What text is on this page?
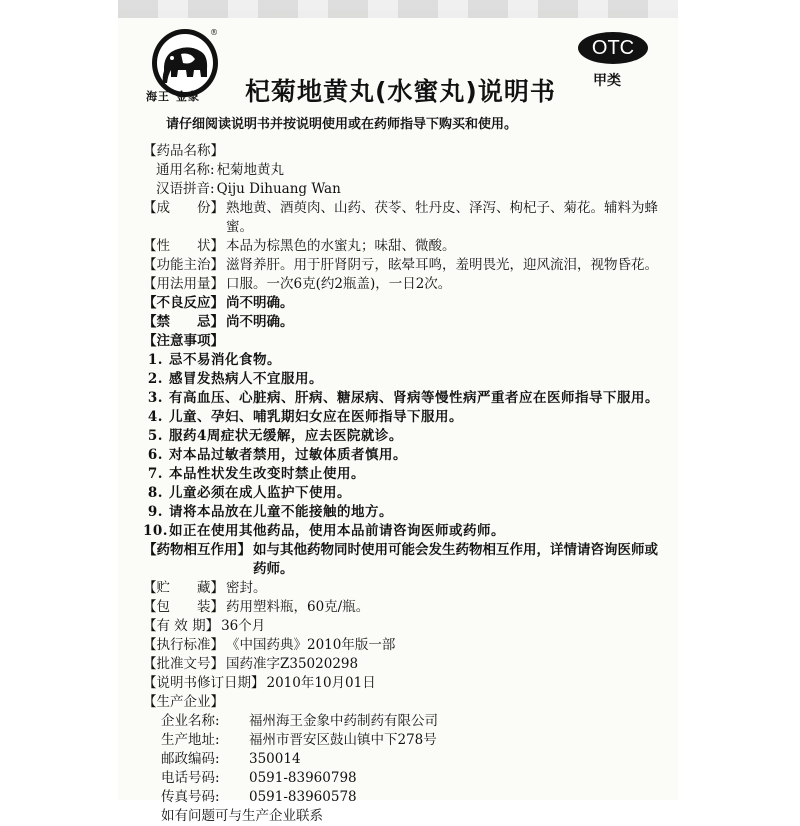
®
海王 金象	杞菊地黄丸(水蜜丸)说明书
OTC
甲类
请仔细阅读说明书并按说明使用或在药师指导下购买和使用。
【药品名称】
通用名称: 杞菊地黄丸
汉语拼音: Qiju Dihuang Wan
【成　　份】 熟地黄、酒萸肉、山药、茯苓、牡丹皮、泽泻、枸杞子、菊花。辅料为蜂蜜。
【性　　状】 本品为棕黑色的水蜜丸；味甜、微酸。
【功能主治】 滋肾养肝。用于肝肾阴亏，眩晕耳鸣，羞明畏光，迎风流泪，视物昏花。
【用法用量】 口服。一次6克(约2瓶盖)，一日2次。
【不良反应】 尚不明确。
【禁　　忌】 尚不明确。
【注意事项】
1. 忌不易消化食物。
2. 感冒发热病人不宜服用。
3. 有高血压、心脏病、肝病、糖尿病、肾病等慢性病严重者应在医师指导下服用。
4. 儿童、孕妇、哺乳期妇女应在医师指导下服用。
5. 服药4周症状无缓解，应去医院就诊。
6. 对本品过敏者禁用，过敏体质者慎用。
7. 本品性状发生改变时禁止使用。
8. 儿童必须在成人监护下使用。
9. 请将本品放在儿童不能接触的地方。
10. 如正在使用其他药品，使用本品前请咨询医师或药师。
【药物相互作用】 如与其他药物同时使用可能会发生药物相互作用，详情请咨询医师或药师。
【贮　　藏】 密封。
【包　　装】 药用塑料瓶，60克/瓶。
【有 效 期】 36个月
【执行标准】 《中国药典》2010年版一部
【批准文号】 国药准字Z35020298
【说明书修订日期】 2010年10月01日
【生产企业】
企业名称:	福州海王金象中药制药有限公司
生产地址:	福州市晋安区鼓山镇中下278号
邮政编码:	350014
电话号码:	0591-83960798
传真号码:	0591-83960578
如有问题可与生产企业联系
